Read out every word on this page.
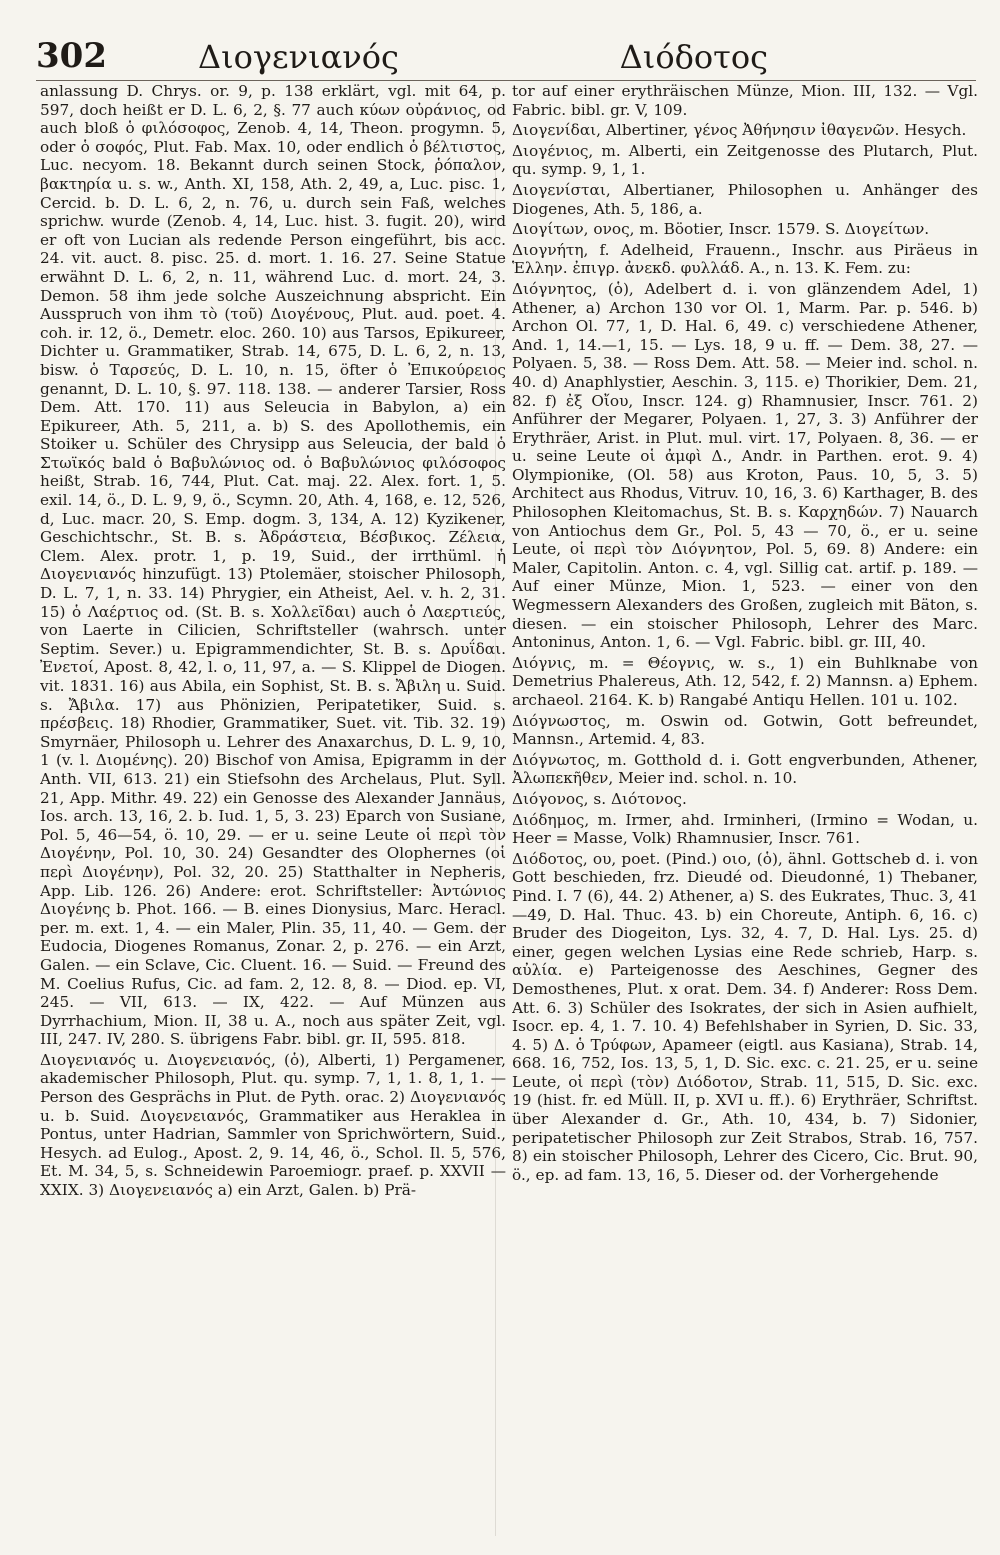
302	Διογενιανός	Διόδοτος

anlassung D. Chrys. or. 9, p. 138 erklärt, vgl. mit 64, p. 597, doch heißt er D. L. 6, 2, §. 77 auch κύων οὐράνιος, od auch bloß ὁ φιλόσοφος, Zenob. 4, 14, Theon. progymn. 5, oder ὁ σοφός, Plut. Fab. Max. 10, oder endlich ὁ βέλτιστος, Luc. necyom. 18. Bekannt durch seinen Stock, ῥόπαλον, βακτηρία u. s. w., Anth. XI, 158, Ath. 2, 49, a, Luc. pisc. 1, Cercid. b. D. L. 6, 2, n. 76, u. durch sein Faß, welches sprichw. wurde (Zenob. 4, 14, Luc. hist. 3. fugit. 20), wird er oft von Lucian als redende Person eingeführt, bis acc. 24. vit. auct. 8. pisc. 25. d. mort. 1. 16. 27. Seine Statue erwähnt D. L. 6, 2, n. 11, während Luc. d. mort. 24, 3. Demon. 58 ihm jede solche Auszeichnung abspricht. Ein Ausspruch von ihm τὸ (τοῦ) Διογένους, Plut. aud. poet. 4. coh. ir. 12, ö., Demetr. eloc. 260. 10) aus Tarsos, Epikureer, Dichter u. Grammatiker, Strab. 14, 675, D. L. 6, 2, n. 13, bisw. ὁ Ταρσεύς, D. L. 10, n. 15, öfter ὁ Ἐπικούρειος genannt, D. L. 10, §. 97. 118. 138. — anderer Tarsier, Ross Dem. Att. 170. 11) aus Seleucia in Babylon, a) ein Epikureer, Ath. 5, 211, a. b) S. des Apollothemis, ein Stoiker u. Schüler des Chrysipp aus Seleucia, der bald ὁ Στωϊκός bald ὁ Βαβυλώνιος od. ὁ Βαβυλώνιος φιλόσοφος heißt, Strab. 16, 744, Plut. Cat. maj. 22. Alex. fort. 1, 5. exil. 14, ö., D. L. 9, 9, ö., Scymn. 20, Ath. 4, 168, e. 12, 526, d, Luc. macr. 20, S. Emp. dogm. 3, 134, A. 12) Kyzikener, Geschichtschr., St. B. s. Ἀδράστεια, Βέσβικος. Ζέλεια, Clem. Alex. protr. 1, p. 19, Suid., der irrthüml. ἡ Διογενιανός hinzufügt. 13) Ptolemäer, stoischer Philosoph, D. L. 7, 1, n. 33. 14) Phrygier, ein Atheist, Ael. v. h. 2, 31. 15) ὁ Λαέρτιος od. (St. B. s. Χολλεῖδαι) auch ὁ Λαερτιεύς, von Laerte in Cilicien, Schriftsteller (wahrsch. unter Septim. Sever.) u. Epigrammendichter, St. B. s. Δρυΐδαι. Ἐνετοί, Apost. 8, 42, l. o, 11, 97, a. — S. Klippel de Diogen. vit. 1831. 16) aus Abila, ein Sophist, St. B. s. Ἄβιλη u. Suid. s. Ἄβιλα. 17) aus Phönizien, Peripatetiker, Suid. s. πρέσβεις. 18) Rhodier, Grammatiker, Suet. vit. Tib. 32. 19) Smyrnäer, Philosoph u. Lehrer des Anaxarchus, D. L. 9, 10, 1 (v. l. Διομένης). 20) Bischof von Amisa, Epigramm in der Anth. VII, 613. 21) ein Stiefsohn des Archelaus, Plut. Syll. 21, App. Mithr. 49. 22) ein Genosse des Alexander Jannäus, Ios. arch. 13, 16, 2. b. Iud. 1, 5, 3. 23) Eparch von Susiane, Pol. 5, 46—54, ö. 10, 29. — er u. seine Leute οἱ περὶ τὸν Διογένην, Pol. 10, 30. 24) Gesandter des Olophernes (οἱ περὶ Διογένην), Pol. 32, 20. 25) Statthalter in Nepheris, App. Lib. 126. 26) Andere: erot. Schriftsteller: Ἀντώνιος Διογένης b. Phot. 166. — B. eines Dionysius, Marc. Heracl. per. m. ext. 1, 4. — ein Maler, Plin. 35, 11, 40. — Gem. der Eudocia, Diogenes Romanus, Zonar. 2, p. 276. — ein Arzt, Galen. — ein Sclave, Cic. Cluent. 16. — Suid. — Freund des M. Coelius Rufus, Cic. ad fam. 2, 12. 8, 8. — Diod. ep. VI, 245. — VII, 613. — IX, 422. — Auf Münzen aus Dyrrhachium, Mion. II, 38 u. A., noch aus später Zeit, vgl. III, 247. IV, 280. S. übrigens Fabr. bibl. gr. II, 595. 818.

Διογενιανός u. Διογενειανός, (ὁ), Alberti, 1) Pergamener, akademischer Philosoph, Plut. qu. symp. 7, 1, 1. 8, 1, 1. — Person des Gesprächs in Plut. de Pyth. orac. 2) Διογενιανός u. b. Suid. Διογενειανός, Grammatiker aus Heraklea in Pontus, unter Hadrian, Sammler von Sprichwörtern, Suid., Hesych. ad Eulog., Apost. 2, 9. 14, 46, ö., Schol. Il. 5, 576, Et. M. 34, 5, s. Schneidewin Paroemiogr. praef. p. XXVII — XXIX. 3) Διογενειανός a) ein Arzt, Galen. b) Prä-

tor auf einer erythräischen Münze, Mion. III, 132. — Vgl. Fabric. bibl. gr. V, 109.

Διογενίδαι, Albertiner, γένος Ἀθήνησιν ἰθαγενῶν. Hesych.

Διογένιος, m. Alberti, ein Zeitgenosse des Plutarch, Plut. qu. symp. 9, 1, 1.

Διογενίσται, Albertianer, Philosophen u. Anhänger des Diogenes, Ath. 5, 186, a.

Διογίτων, ονος, m. Böotier, Inscr. 1579. S. Διογείτων.

Διογνήτη, f. Adelheid, Frauenn., Inschr. aus Piräeus in Ἑλλην. ἐπιγρ. ἀνεκδ. φυλλάδ. Α., n. 13. K. Fem. zu:

Διόγνητος, (ὁ), Adelbert d. i. von glänzendem Adel, 1) Athener, a) Archon 130 vor Ol. 1, Marm. Par. p. 546. b) Archon Ol. 77, 1, D. Hal. 6, 49. c) verschiedene Athener, And. 1, 14.—1, 15. — Lys. 18, 9 u. ff. — Dem. 38, 27. — Polyaen. 5, 38. — Ross Dem. Att. 58. — Meier ind. schol. n. 40. d) Anaphlystier, Aeschin. 3, 115. e) Thorikier, Dem. 21, 82. f) ἐξ Οἴου, Inscr. 124. g) Rhamnusier, Inscr. 761. 2) Anführer der Megarer, Polyaen. 1, 27, 3. 3) Anführer der Erythräer, Arist. in Plut. mul. virt. 17, Polyaen. 8, 36. — er u. seine Leute οἱ ἀμφὶ Δ., Andr. in Parthen. erot. 9. 4) Olympionike, (Ol. 58) aus Kroton, Paus. 10, 5, 3. 5) Architect aus Rhodus, Vitruv. 10, 16, 3. 6) Karthager, B. des Philosophen Kleitomachus, St. B. s. Καρχηδών. 7) Nauarch von Antiochus dem Gr., Pol. 5, 43 — 70, ö., er u. seine Leute, οἱ περὶ τὸν Διόγνητον, Pol. 5, 69. 8) Andere: ein Maler, Capitolin. Anton. c. 4, vgl. Sillig cat. artif. p. 189. — Auf einer Münze, Mion. 1, 523. — einer von den Wegmessern Alexanders des Großen, zugleich mit Bäton, s. diesen. — ein stoischer Philosoph, Lehrer des Marc. Antoninus, Anton. 1, 6. — Vgl. Fabric. bibl. gr. III, 40.

Διόγνις, m. = Θέογνις, w. s., 1) ein Buhlknabe von Demetrius Phalereus, Ath. 12, 542, f. 2) Mannsn. a) Ephem. archaeol. 2164. K. b) Rangabé Antiqu Hellen. 101 u. 102.

Διόγνωστος, m. Oswin od. Gotwin, Gott befreundet, Mannsn., Artemid. 4, 83.

Διόγνωτος, m. Gotthold d. i. Gott engverbunden, Athener, Ἀλωπεκῆθεν, Meier ind. schol. n. 10.

Διόγονος, s. Διότονος.

Διόδημος, m. Irmer, ahd. Irminheri, (Irmino = Wodan, u. Heer = Masse, Volk) Rhamnusier, Inscr. 761.

Διόδοτος, ου, poet. (Pind.) οιο, (ὁ), ähnl. Gottscheb d. i. von Gott beschieden, frz. Dieudé od. Dieudonné, 1) Thebaner, Pind. I. 7 (6), 44. 2) Athener, a) S. des Eukrates, Thuc. 3, 41—49, D. Hal. Thuc. 43. b) ein Choreute, Antiph. 6, 16. c) Bruder des Diogeiton, Lys. 32, 4. 7, D. Hal. Lys. 25. d) einer, gegen welchen Lysias eine Rede schrieb, Harp. s. αὐλία. e) Parteigenosse des Aeschines, Gegner des Demosthenes, Plut. x orat. Dem. 34. f) Anderer: Ross Dem. Att. 6. 3) Schüler des Isokrates, der sich in Asien aufhielt, Isocr. ep. 4, 1. 7. 10. 4) Befehlshaber in Syrien, D. Sic. 33, 4. 5) Δ. ὁ Τρύφων, Apameer (eigtl. aus Kasiana), Strab. 14, 668. 16, 752, Ios. 13, 5, 1, D. Sic. exc. c. 21. 25, er u. seine Leute, οἱ περὶ (τὸν) Διόδοτον, Strab. 11, 515, D. Sic. exc. 19 (hist. fr. ed Müll. II, p. XVI u. ff.). 6) Erythräer, Schriftst. über Alexander d. Gr., Ath. 10, 434, b. 7) Sidonier, peripatetischer Philosoph zur Zeit Strabos, Strab. 16, 757. 8) ein stoischer Philosoph, Lehrer des Cicero, Cic. Brut. 90, ö., ep. ad fam. 13, 16, 5. Dieser od. der Vorhergehende
